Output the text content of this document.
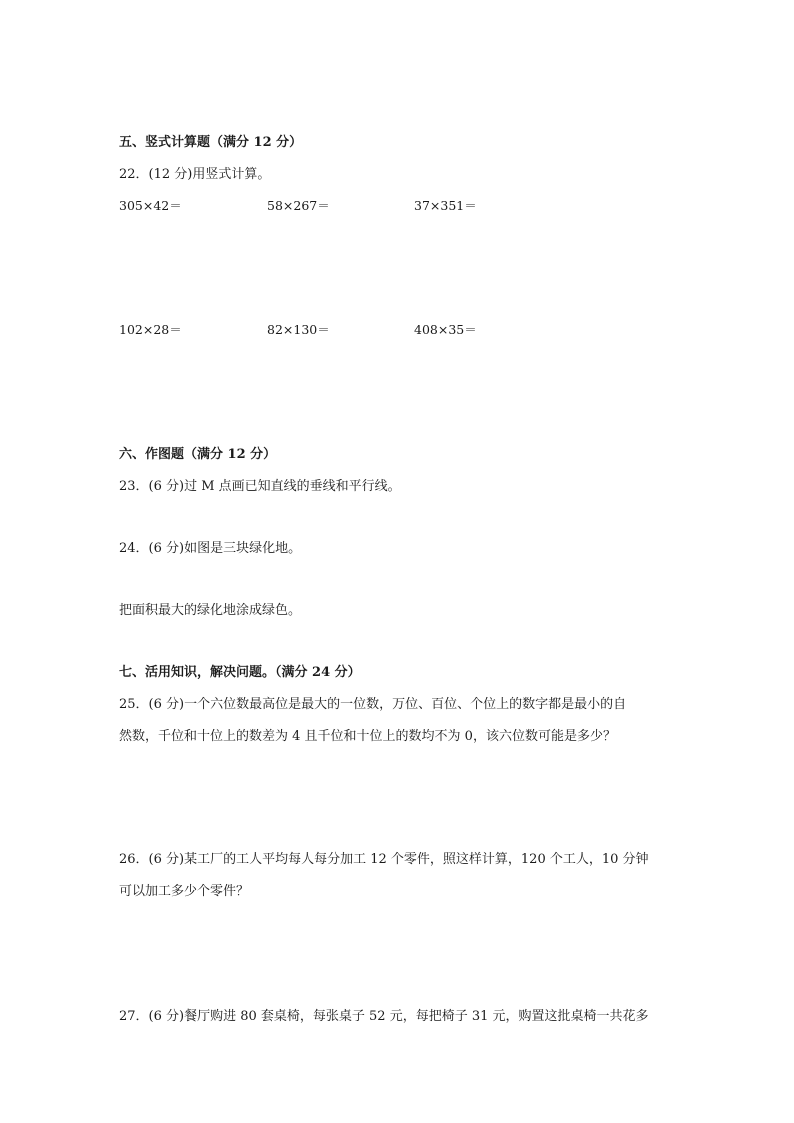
五、竖式计算题（满分 12 分）
22．(12 分)用竖式计算。
305×42＝	58×267＝	37×351＝
102×28＝	82×130＝	408×35＝
六、作图题（满分 12 分）
23．(6 分)过 M 点画已知直线的垂线和平行线。
24．(6 分)如图是三块绿化地。
把面积最大的绿化地涂成绿色。
七、活用知识，解决问题。（满分 24 分）
25．(6 分)一个六位数最高位是最大的一位数，万位、百位、个位上的数字都是最小的自
然数，千位和十位上的数差为 4 且千位和十位上的数均不为 0，该六位数可能是多少？
26．(6 分)某工厂的工人平均每人每分加工 12 个零件，照这样计算，120 个工人，10 分钟
可以加工多少个零件？
27．(6 分)餐厅购进 80 套桌椅，每张桌子 52 元，每把椅子 31 元，购置这批桌椅一共花多
